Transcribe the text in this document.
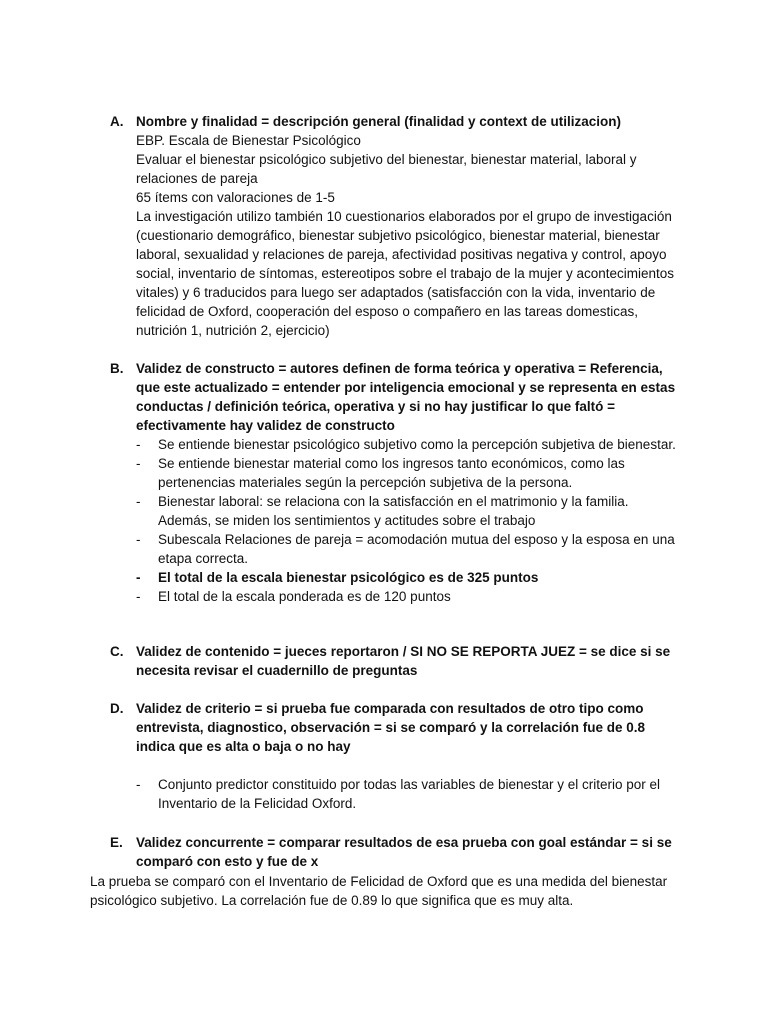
A. Nombre y finalidad = descripción general (finalidad y context de utilizacion)
EBP. Escala de Bienestar Psicológico
Evaluar el bienestar psicológico subjetivo del bienestar, bienestar material, laboral y relaciones de pareja
65 ítems con valoraciones de 1-5
La investigación utilizo también 10 cuestionarios elaborados por el grupo de investigación (cuestionario demográfico, bienestar subjetivo psicológico, bienestar material, bienestar laboral, sexualidad y relaciones de pareja, afectividad positivas negativa y control, apoyo social, inventario de síntomas, estereotipos sobre el trabajo de la mujer y acontecimientos vitales) y 6 traducidos para luego ser adaptados (satisfacción con la vida, inventario de felicidad de Oxford, cooperación del esposo o compañero en las tareas domesticas, nutrición 1, nutrición 2, ejercicio)
B. Validez de constructo = autores definen de forma teórica y operativa = Referencia, que este actualizado = entender por inteligencia emocional y se representa en estas conductas / definición teórica, operativa y si no hay justificar lo que faltó = efectivamente hay validez de constructo
- Se entiende bienestar psicológico subjetivo como la percepción subjetiva de bienestar.
- Se entiende bienestar material como los ingresos tanto económicos, como las pertenencias materiales según la percepción subjetiva de la persona.
- Bienestar laboral: se relaciona con la satisfacción en el matrimonio y la familia. Además, se miden los sentimientos y actitudes sobre el trabajo
- Subescala Relaciones de pareja = acomodación mutua del esposo y la esposa en una etapa correcta.
- El total de la escala bienestar psicológico es de 325 puntos
- El total de la escala ponderada es de 120 puntos
C. Validez de contenido = jueces reportaron / SI NO SE REPORTA JUEZ = se dice si se necesita revisar el cuadernillo de preguntas
D. Validez de criterio = si prueba fue comparada con resultados de otro tipo como entrevista, diagnostico, observación = si se comparó y la correlación fue de 0.8 indica que es alta o baja o no hay
- Conjunto predictor constituido por todas las variables de bienestar y el criterio por el Inventario de la Felicidad Oxford.
E. Validez concurrente = comparar resultados de esa prueba con goal estándar = si se comparó con esto y fue de x
La prueba se comparó con el Inventario de Felicidad de Oxford que es una medida del bienestar psicológico subjetivo. La correlación fue de 0.89 lo que significa que es muy alta.
